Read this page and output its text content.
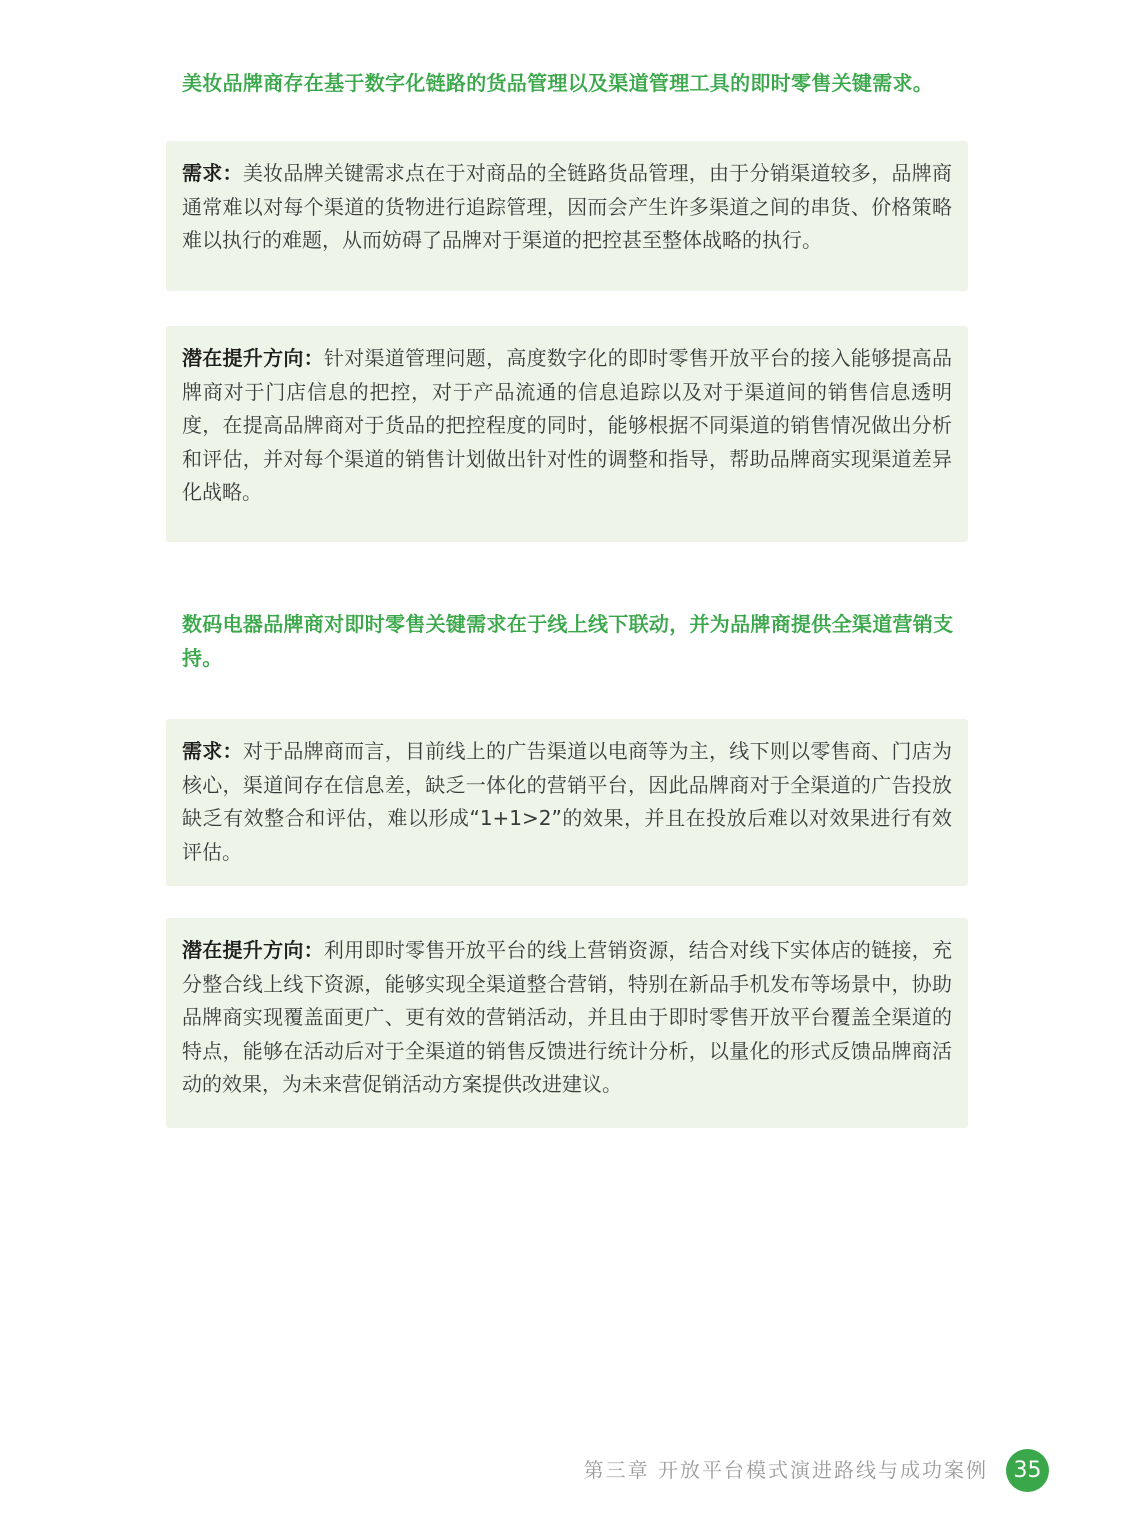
美妆品牌商存在基于数字化链路的货品管理以及渠道管理工具的即时零售关键需求。

需求：美妆品牌关键需求点在于对商品的全链路货品管理，由于分销渠道较多，品牌商通常难以对每个渠道的货物进行追踪管理，因而会产生许多渠道之间的串货、价格策略难以执行的难题，从而妨碍了品牌对于渠道的把控甚至整体战略的执行。

潜在提升方向：针对渠道管理问题，高度数字化的即时零售开放平台的接入能够提高品牌商对于门店信息的把控，对于产品流通的信息追踪以及对于渠道间的销售信息透明度，在提高品牌商对于货品的把控程度的同时，能够根据不同渠道的销售情况做出分析和评估，并对每个渠道的销售计划做出针对性的调整和指导，帮助品牌商实现渠道差异化战略。

数码电器品牌商对即时零售关键需求在于线上线下联动，并为品牌商提供全渠道营销支持。

需求：对于品牌商而言，目前线上的广告渠道以电商等为主，线下则以零售商、门店为核心，渠道间存在信息差，缺乏一体化的营销平台，因此品牌商对于全渠道的广告投放缺乏有效整合和评估，难以形成“1+1>2”的效果，并且在投放后难以对效果进行有效评估。

潜在提升方向：利用即时零售开放平台的线上营销资源，结合对线下实体店的链接，充分整合线上线下资源，能够实现全渠道整合营销，特别在新品手机发布等场景中，协助品牌商实现覆盖面更广、更有效的营销活动，并且由于即时零售开放平台覆盖全渠道的特点，能够在活动后对于全渠道的销售反馈进行统计分析，以量化的形式反馈品牌商活动的效果，为未来营促销活动方案提供改进建议。

第三章 开放平台模式演进路线与成功案例	35
